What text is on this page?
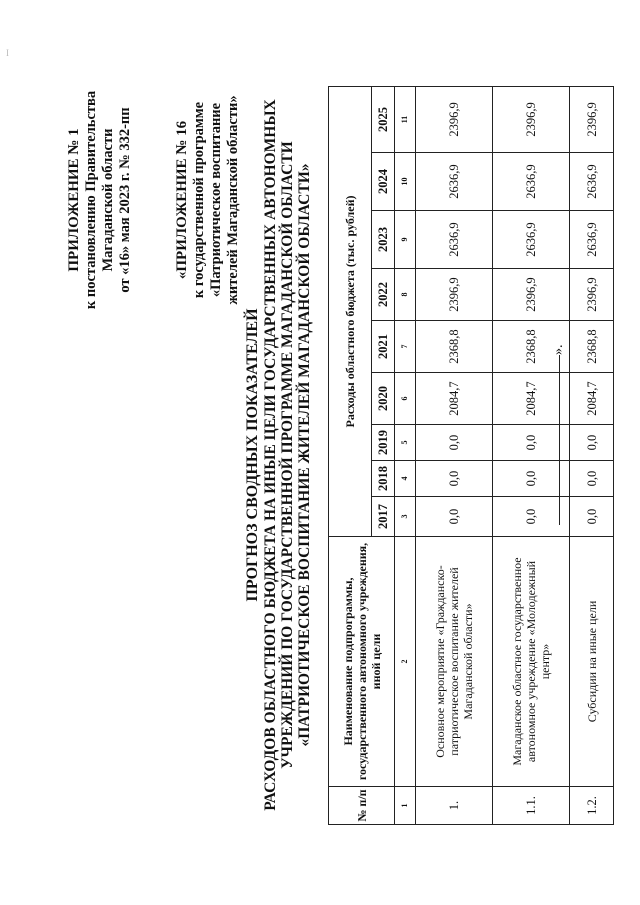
I
ПРИЛОЖЕНИЕ № 1 к постановлению Правительства Магаданской области от «16» мая 2023 г. № 332-пп	«ПРИЛОЖЕНИЕ № 16 к государственной программе «Патриотическое воспитание жителей Магаданской области»
ПРОГНОЗ СВОДНЫХ ПОКАЗАТЕЛЕЙ РАСХОДОВ ОБЛАСТНОГО БЮДЖЕТА НА ИНЫЕ ЦЕЛИ ГОСУДАРСТВЕННЫХ АВТОНОМНЫХ УЧРЕЖДЕНИЙ ПО ГОСУДАРСТВЕННОЙ ПРОГРАММЕ МАГАДАНСКОЙ ОБЛАСТИ «ПАТРИОТИЧЕСКОЕ ВОСПИТАНИЕ ЖИТЕЛЕЙ МАГАДАНСКОЙ ОБЛАСТИ»
№ п/п	Наименование подпрограммы, государственного автономного учреждения, иной цели	Расходы областного бюджета (тыс. рублей)								
		2017	2018	2019	2020	2021	2022	2023	2024	2025
1	2	3	4	5	6	7	8	9	10	11
1.	Основное мероприятие «Гражданско-патриотическое воспитание жителей Магаданской области»	0,0	0,0	0,0	2084,7	2368,8	2396,9	2636,9	2636,9	2396,9
1.1.	Магаданское областное государственное автономное учреждение «Молодежный центр»	0,0	0,0	0,0	2084,7	2368,8	2396,9	2636,9	2636,9	2396,9
1.2.	Субсидии на иные цели	0,0	0,0	0,0	2084,7	2368,8	2396,9	2636,9	2636,9	2396,9
».
